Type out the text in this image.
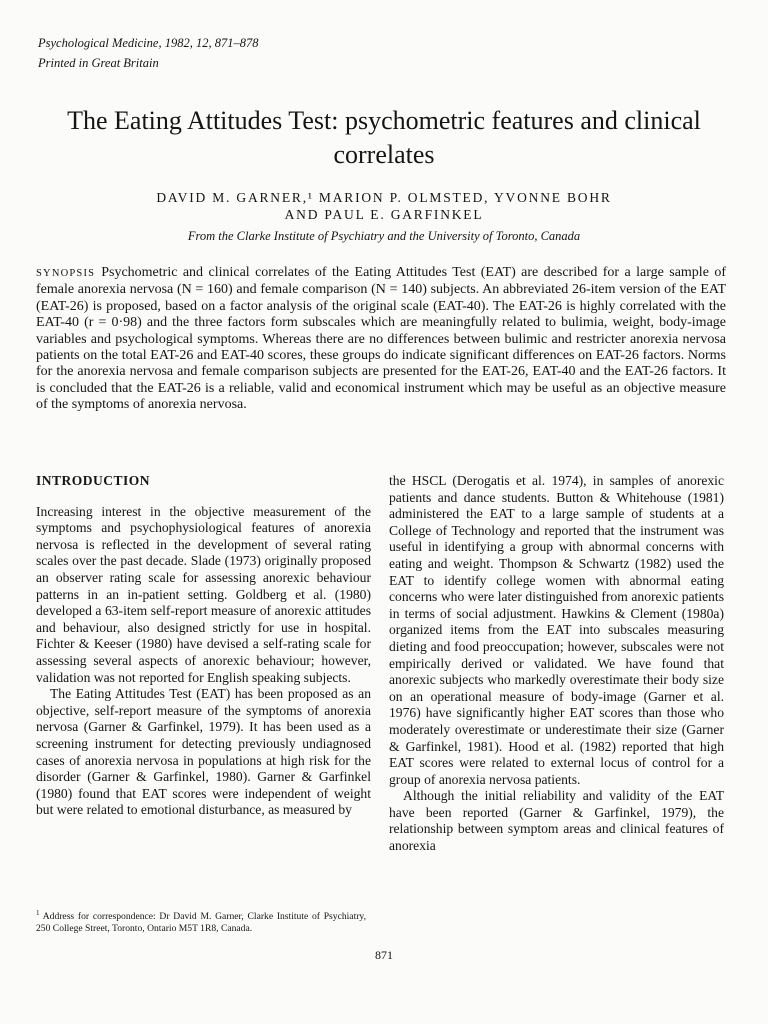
Psychological Medicine, 1982, 12, 871–878
Printed in Great Britain
The Eating Attitudes Test: psychometric features and clinical correlates
DAVID M. GARNER,¹ MARION P. OLMSTED, YVONNE BOHR
AND PAUL E. GARFINKEL
From the Clarke Institute of Psychiatry and the University of Toronto, Canada
SYNOPSIS Psychometric and clinical correlates of the Eating Attitudes Test (EAT) are described for a large sample of female anorexia nervosa (N = 160) and female comparison (N = 140) subjects. An abbreviated 26-item version of the EAT (EAT-26) is proposed, based on a factor analysis of the original scale (EAT-40). The EAT-26 is highly correlated with the EAT-40 (r = 0·98) and the three factors form subscales which are meaningfully related to bulimia, weight, body-image variables and psychological symptoms. Whereas there are no differences between bulimic and restricter anorexia nervosa patients on the total EAT-26 and EAT-40 scores, these groups do indicate significant differences on EAT-26 factors. Norms for the anorexia nervosa and female comparison subjects are presented for the EAT-26, EAT-40 and the EAT-26 factors. It is concluded that the EAT-26 is a reliable, valid and economical instrument which may be useful as an objective measure of the symptoms of anorexia nervosa.
INTRODUCTION

Increasing interest in the objective measurement of the symptoms and psychophysiological features of anorexia nervosa is reflected in the development of several rating scales over the past decade. Slade (1973) originally proposed an observer rating scale for assessing anorexic behaviour patterns in an in-patient setting. Goldberg et al. (1980) developed a 63-item self-report measure of anorexic attitudes and behaviour, also designed strictly for use in hospital. Fichter & Keeser (1980) have devised a self-rating scale for assessing several aspects of anorexic behaviour; however, validation was not reported for English speaking subjects.

The Eating Attitudes Test (EAT) has been proposed as an objective, self-report measure of the symptoms of anorexia nervosa (Garner & Garfinkel, 1979). It has been used as a screening instrument for detecting previously undiagnosed cases of anorexia nervosa in populations at high risk for the disorder (Garner & Garfinkel, 1980). Garner & Garfinkel (1980) found that EAT scores were independent of weight but were related to emotional disturbance, as measured by

the HSCL (Derogatis et al. 1974), in samples of anorexic patients and dance students. Button & Whitehouse (1981) administered the EAT to a large sample of students at a College of Technology and reported that the instrument was useful in identifying a group with abnormal concerns with eating and weight. Thompson & Schwartz (1982) used the EAT to identify college women with abnormal eating concerns who were later distinguished from anorexic patients in terms of social adjustment. Hawkins & Clement (1980a) organized items from the EAT into subscales measuring dieting and food preoccupation; however, subscales were not empirically derived or validated. We have found that anorexic subjects who markedly overestimate their body size on an operational measure of body-image (Garner et al. 1976) have significantly higher EAT scores than those who moderately overestimate or underestimate their size (Garner & Garfinkel, 1981). Hood et al. (1982) reported that high EAT scores were related to external locus of control for a group of anorexia nervosa patients.

Although the initial reliability and validity of the EAT have been reported (Garner & Garfinkel, 1979), the relationship between symptom areas and clinical features of anorexia

$^1$ Address for correspondence: Dr David M. Garner, Clarke Institute of Psychiatry, 250 College Street, Toronto, Ontario M5T 1R8, Canada.
871
